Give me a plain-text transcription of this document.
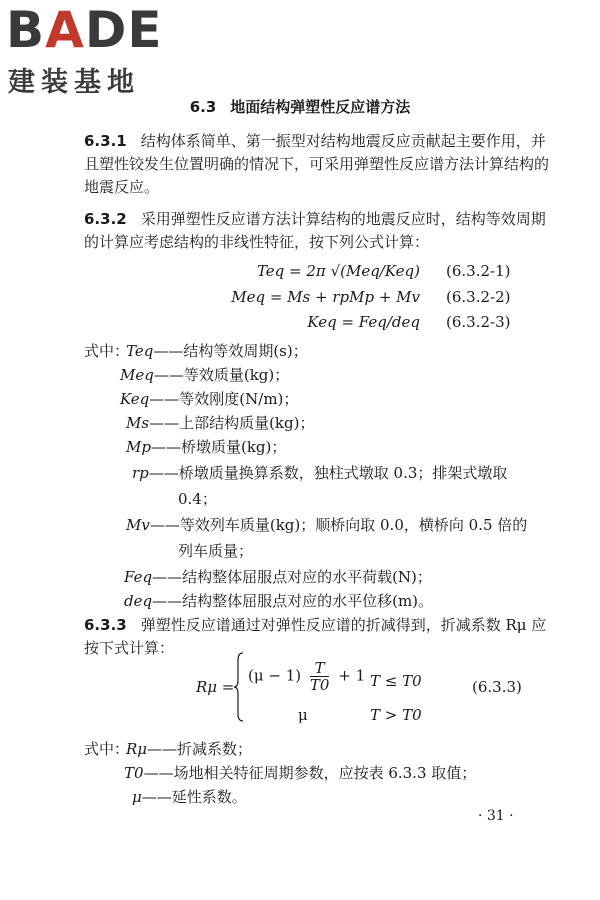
B A DE
建装基地
6.3 地面结构弹塑性反应谱方法
6.3.1 结构体系简单、第一振型对结构地震反应贡献起主要作用，并且塑性铰发生位置明确的情况下，可采用弹塑性反应谱方法计算结构的地震反应。
6.3.2 采用弹塑性反应谱方法计算结构的地震反应时，结构等效周期的计算应考虑结构的非线性特征，按下列公式计算：
Teq = 2π √(Meq/Keq) (6.3.2-1)
Meq = Ms + rpMp + Mv (6.3.2-2)
Keq = Feq/deq (6.3.2-3)
式中：
Teq——结构等效周期(s)；
Meq——等效质量(kg)；
Keq——等效刚度(N/m)；
Ms——上部结构质量(kg)；
Mp——桥墩质量(kg)；
rp——桥墩质量换算系数，独柱式墩取 0.3；排架式墩取
0.4；
Mv——等效列车质量(kg)；顺桥向取 0.0，横桥向 0.5 倍的
列车质量；
Feq——结构整体屈服点对应的水平荷载(N)；
deq——结构整体屈服点对应的水平位移(m)。
6.3.3 弹塑性反应谱通过对弹性反应谱的折减得到，折减系数 Rμ 应按下式计算：
Rμ =
$(\mu - 1) \frac{T}{T0} + 1$ T ≤ T0
μ	T > T0
(6.3.3)
式中：
Rμ——折减系数；
T0——场地相关特征周期参数，应按表 6.3.3 取值；
μ——延性系数。
· 31 ·
